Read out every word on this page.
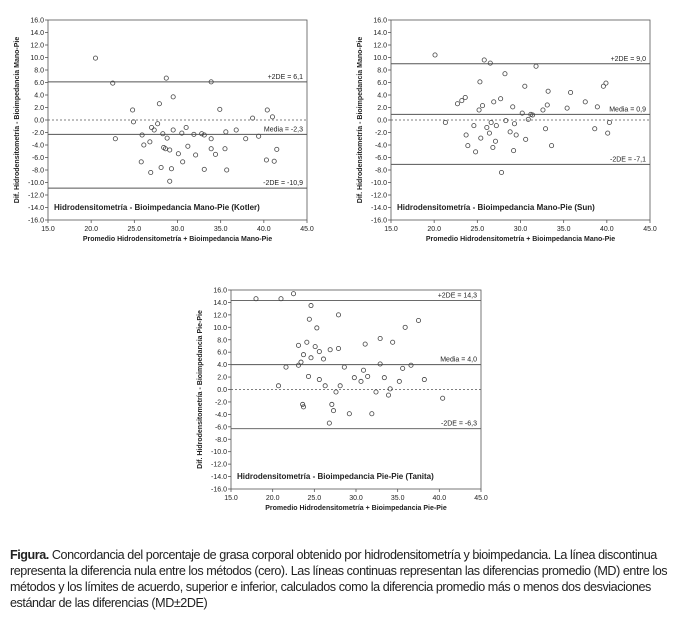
16.0
14.0
12.0
10.0
8.0
6.0
4.0
2.0
0.0
-2.0
-4.0
-6.0
-8.0
-10.0
-12.0
-14.0
-16.0
15.0	20.0	25.0	30.0	35.0	40.0	45.0
+2DE = 6,1
Media = -2,3
-2DE = -10,9
Hidrodensitometría - Bioimpedancia Mano-Pie (Kotler)
Promedio Hidrodensitometría + Bioimpedancia Mano-Pie
Dif. Hidrodensitometría - Bioimpedancia Mano-Pie
16.0
14.0
12.0
10.0
8.0
6.0
4.0
2.0
0.0
-2.0
-4.0
-6.0
-8.0
-10.0
-12.0
-14.0
-16.0
15.0	20.0	25.0	30.0	35.0	40.0	45.0
+2DE = 9,0
Media = 0,9
-2DE = -7,1
Hidrodensitometría - Bioimpedancia Mano-Pie (Sun)
Promedio Hidrodensitometría + Bioimpedancia Mano-Pie
Dif. Hidrodensitometría - Bioimpedancia Mano-Pie
16.0
14.0
12.0
10.0
8.0
6.0
4.0
2.0
0.0
-2.0
-4.0
-6.0
-8.0
-10.0
-12.0
-14.0
-16.0
15.0	20.0	25.0	30.0	35.0	40.0	45.0
+2DE = 14,3
Media = 4,0
-2DE = -6,3
Hidrodensitometría - Bioimpedancia Pie-Pie (Tanita)
Promedio Hidrodensitometría + Bioimpedancia Pie-Pie
Dif. Hidrodensitometría - Bioimpedancia Pie-Pie
Figura. Concordancia del porcentaje de grasa corporal obtenido por hidrodensitometría y bioimpedancia. La línea discontinua representa la diferencia nula entre los métodos (cero). Las líneas continuas representan las diferencias promedio (MD) entre los métodos y los límites de acuerdo, superior e inferior, calculados como la diferencia promedio más o menos dos desviaciones estándar de las diferencias (MD±2DE)
